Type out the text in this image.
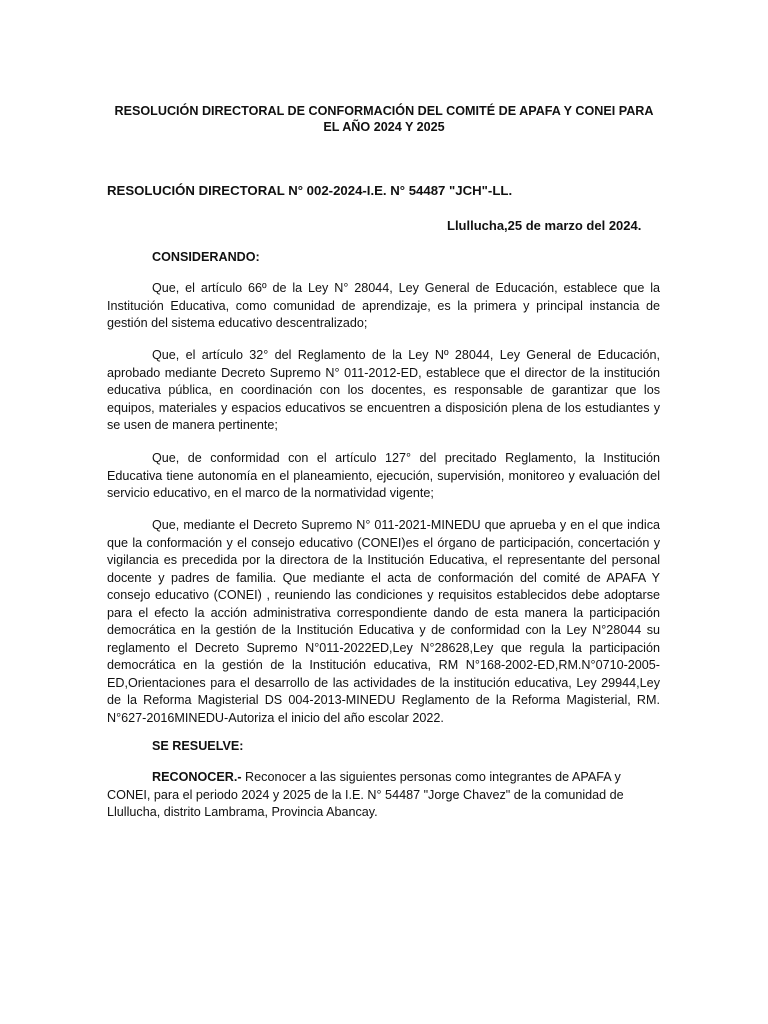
RESOLUCIÓN DIRECTORAL DE CONFORMACIÓN DEL COMITÉ DE APAFA Y CONEI PARA
EL AÑO 2024 Y 2025
RESOLUCIÓN DIRECTORAL N° 002-2024-I.E. N° 54487 "JCH"-LL.
Llullucha,25 de marzo del 2024.
CONSIDERANDO:

Que, el artículo 66º de la Ley N° 28044, Ley General de Educación, establece que la Institución Educativa, como comunidad de aprendizaje, es la primera y principal instancia de gestión del sistema educativo descentralizado;

Que, el artículo 32° del Reglamento de la Ley Nº 28044, Ley General de Educación, aprobado mediante Decreto Supremo N° 011-2012-ED, establece que el director de la institución educativa pública, en coordinación con los docentes, es responsable de garantizar que los equipos, materiales y espacios educativos se encuentren a disposición plena de los estudiantes y se usen de manera pertinente;

Que, de conformidad con el artículo 127° del precitado Reglamento, la Institución Educativa tiene autonomía en el planeamiento, ejecución, supervisión, monitoreo y evaluación del servicio educativo, en el marco de la normatividad vigente;

Que, mediante el Decreto Supremo N° 011-2021-MINEDU que aprueba y en el que indica que la conformación y el consejo educativo (CONEI)es el órgano de participación, concertación y vigilancia es precedida por la directora de la Institución Educativa, el representante del personal docente y padres de familia. Que mediante el acta de conformación del comité de APAFA Y consejo educativo (CONEI) , reuniendo las condiciones y requisitos establecidos debe adoptarse para el efecto la acción administrativa correspondiente dando de esta manera la participación democrática en la gestión de la Institución Educativa y de conformidad con la Ley N°28044 su reglamento el Decreto Supremo N°011-2022ED,Ley N°28628,Ley que regula la participación democrática en la gestión de la Institución educativa, RM N°168-2002-ED,RM.N°0710-2005-ED,Orientaciones para el desarrollo de las actividades de la institución educativa, Ley 29944,Ley de la Reforma Magisterial DS 004-2013-MINEDU Reglamento de la Reforma Magisterial, RM. N°627-2016MINEDU-Autoriza el inicio del año escolar 2022.

SE RESUELVE:

RECONOCER.- Reconocer a las siguientes personas como integrantes de APAFA y CONEI, para el periodo 2024 y 2025 de la I.E. N° 54487 "Jorge Chavez" de la comunidad de Llullucha, distrito Lambrama, Provincia Abancay.
